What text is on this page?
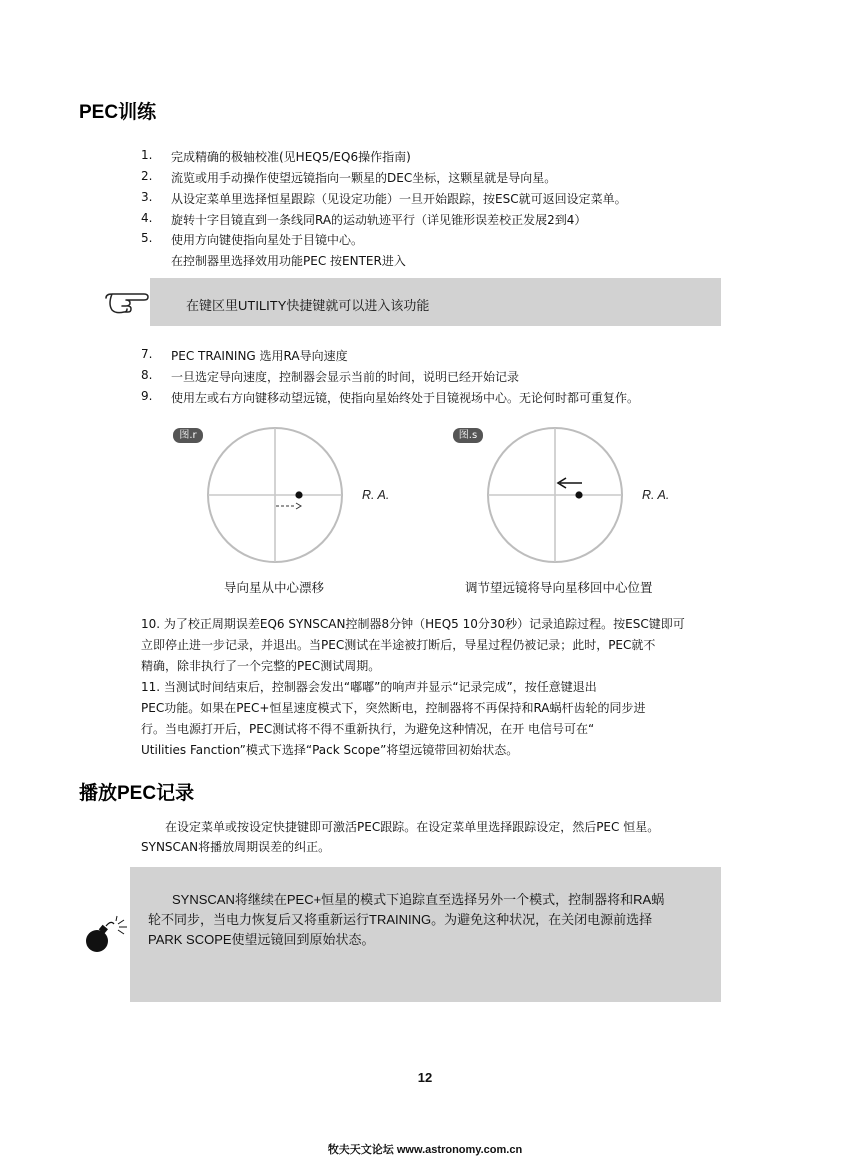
PEC训练
1. 完成精确的极轴校准(见HEQ5/EQ6操作指南)
2. 流览或用手动操作使望远镜指向一颗星的DEC坐标，这颗星就是导向星。
3. 从设定菜单里选择恒星跟踪（见设定功能）一旦开始跟踪，按ESC就可返回设定菜单。
4. 旋转十字目镜直到一条线同RA的运动轨迹平行（详见锥形误差校正发展2到4）
5. 使用方向键使指向星处于目镜中心。
在控制器里选择效用功能PEC 按ENTER进入
在键区里UTILITY快捷键就可以进入该功能
7. PEC TRAINING 选用RA导向速度
8. 一旦选定导向速度，控制器会显示当前的时间，说明已经开始记录
9. 使用左或右方向键移动望远镜，使指向星始终处于目镜视场中心。无论何时都可重复作。
图.r
R. A.
导向星从中心漂移
图.s
R. A.
调节望远镜将导向星移回中心位置
10. 为了校正周期误差EQ6 SYNSCAN控制器8分钟（HEQ5 10分30秒）记录追踪过程。按ESC键即可
立即停止进一步记录，并退出。当PEC测试在半途被打断后，导星过程仍被记录；此时，PEC就不
精确，除非执行了一个完整的PEC测试周期。
11. 当测试时间结束后，控制器会发出“嘟嘟”的响声并显示“记录完成”，按任意键退出
PEC功能。如果在PEC+恒星速度模式下，突然断电，控制器将不再保持和RA蜗杆齿轮的同步进
行。当电源打开后，PEC测试将不得不重新执行，为避免这种情况，在开 电信号可在“
Utilities Fanction”模式下选择“Pack Scope”将望远镜带回初始状态。
播放PEC记录
在设定菜单或按设定快捷键即可激活PEC跟踪。在设定菜单里选择跟踪设定，然后PEC 恒星。
SYNSCAN将播放周期误差的纠正。
SYNSCAN将继续在PEC+恒星的模式下追踪直至选择另外一个模式，控制器将和RA蜗
轮不同步，当电力恢复后又将重新运行TRAINING。为避免这种状况，在关闭电源前选择
PARK SCOPE使望远镜回到原始状态。
12
牧夫天文论坛 www.astronomy.com.cn
